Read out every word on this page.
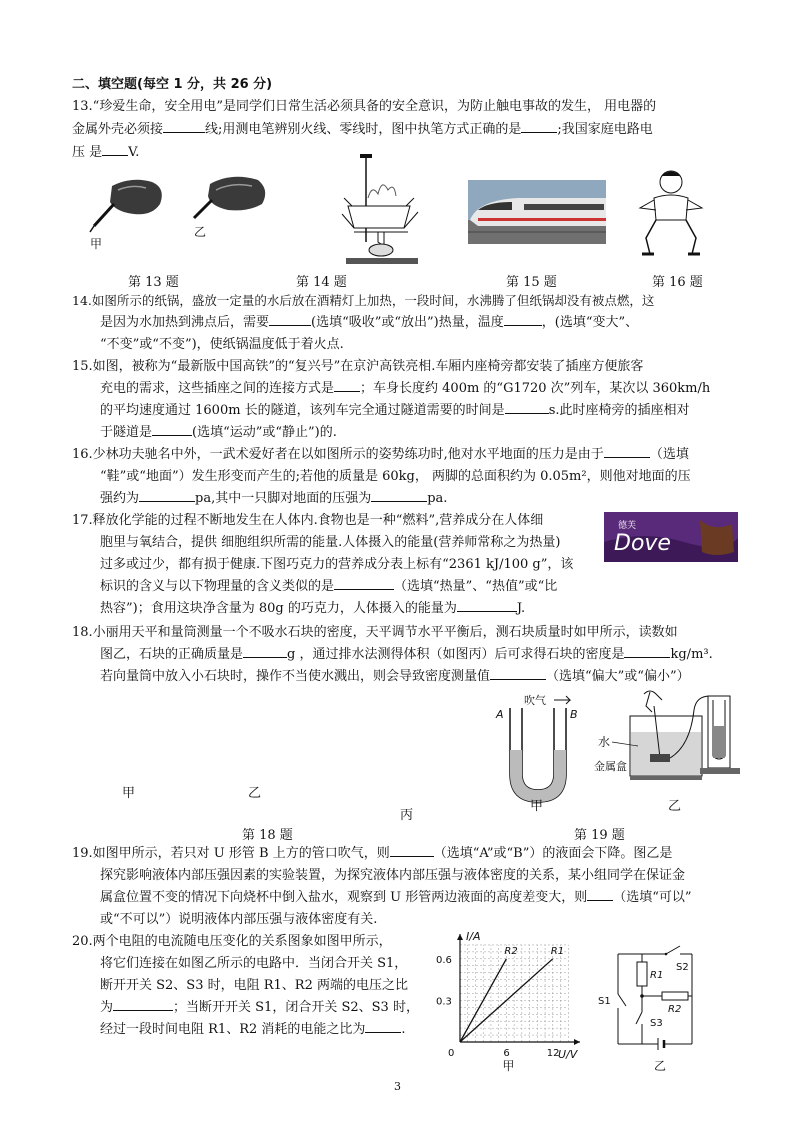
二、填空题(每空 1 分，共 26 分)
13.“珍爱生命，安全用电”是同学们日常生活必须具备的安全意识，为防止触电事故的发生， 用电器的
金属外壳必须接	线;用测电笔辨别火线、零线时，图中执笔方式正确的是	;我国家庭电路电
压 是 V.
甲
乙
第 13 题	第 14 题	第 15 题	第 16 题
14.如图所示的纸锅，盛放一定量的水后放在酒精灯上加热，一段时间，水沸腾了但纸锅却没有被点燃，这
是因为水加热到沸点后，需要	(选填“吸收”或“放出”)热量，温度	，(选填“变大”、
“不变”或“不变”)，使纸锅温度低于着火点.
15.如图，被称为“最新版中国高铁”的“复兴号”在京沪高铁亮相.车厢内座椅旁都安装了插座方便旅客
充电的需求，这些插座之间的连接方式是 ；车身长度约 400m 的“G1720 次”列车，某次以 360km/h
的平均速度通过 1600m 长的隧道，该列车完全通过隧道需要的时间是	s.此时座椅旁的插座相对
于隧道是	(选填“运动”或“静止”)的.
16.少林功夫驰名中外，一武术爱好者在以如图所示的姿势练功时,他对水平地面的压力是由于	（选填
“鞋”或“地面”）发生形变而产生的;若他的质量是 60kg， 两脚的总面积约为 0.05m²，则他对地面的压
强约为	pa,其中一只脚对地面的压强为	pa.
17.释放化学能的过程不断地发生在人体内.食物也是一种“燃料”,营养成分在人体细
胞里与氧结合，提供 细胞组织所需的能量.人体摄入的能量(营养师常称之为热量)
过多或过少，都有损于健康.下图巧克力的营养成分表上标有“2361 kJ/100 g”，该
标识的含义与以下物理量的含义类似的是	（选填“热量”、“热值”或“比
热容”)；食用这块净含量为 80g 的巧克力，人体摄入的能量为	J.
德芙
Dove
18.小丽用天平和量筒测量一个不吸水石块的密度，天平调节水平平衡后，测石块质量时如甲所示，读数如
图乙，石块的正确质量是	g ，通过排水法测得体积（如图丙）后可求得石块的密度是	kg/m³.
若向量筒中放入小石块时，操作不当使水溅出，则会导致密度测量值	（选填“偏大”或“偏小”）
甲	乙
丙
吹气
A	B
甲
水
金属盒
乙
第 18 题	第 19 题
19.如图甲所示，若只对 U 形管 B 上方的管口吹气，则	（选填“A”或“B”）的液面会下降。图乙是
探究影响液体内部压强因素的实验装置，为探究液体内部压强与液体密度的关系，某小组同学在保证金
属盒位置不变的情况下向烧杯中倒入盐水，观察到 U 形管两边液面的高度差变大，则 （选填“可以”
或“不可以”）说明液体内部压强与液体密度有关.
20.两个电阻的电流随电压变化的关系图象如图甲所示，
将它们连接在如图乙所示的电路中．当闭合开关 S1，
断开开关 S2、S3 时，电阻 R1、R2 两端的电压之比
为	；当断开开关 S1，闭合开关 S2、S3 时，
经过一段时间电阻 R1、R2 消耗的电能之比为	.
I/A
U/V
0	6	12
0.3
0.6
R2	R1
甲
S2
R1
R2
S1
S3
乙
3
